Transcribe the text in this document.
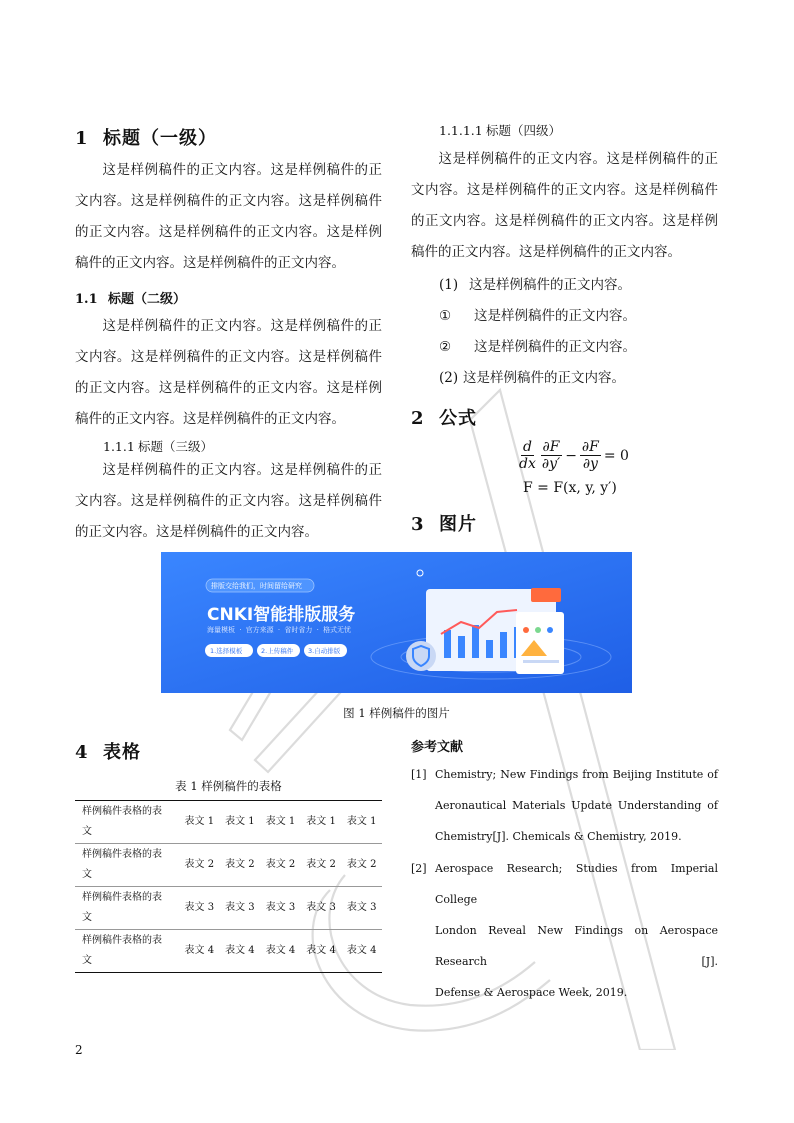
1 标题（一级）
这是样例稿件的正文内容。这是样例稿件的正
文内容。这是样例稿件的正文内容。这是样例稿件
的正文内容。这是样例稿件的正文内容。这是样例
稿件的正文内容。这是样例稿件的正文内容。
1.1 标题（二级）
这是样例稿件的正文内容。这是样例稿件的正
文内容。这是样例稿件的正文内容。这是样例稿件
的正文内容。这是样例稿件的正文内容。这是样例
稿件的正文内容。这是样例稿件的正文内容。
1.1.1 标题（三级）
这是样例稿件的正文内容。这是样例稿件的正
文内容。这是样例稿件的正文内容。这是样例稿件
的正文内容。这是样例稿件的正文内容。
1.1.1.1 标题（四级）
这是样例稿件的正文内容。这是样例稿件的正
文内容。这是样例稿件的正文内容。这是样例稿件
的正文内容。这是样例稿件的正文内容。这是样例
稿件的正文内容。这是样例稿件的正文内容。
(1) 这是样例稿件的正文内容。
① 这是样例稿件的正文内容。
② 这是样例稿件的正文内容。
(2) 这是样例稿件的正文内容。
2 公式
$\frac{d}{dx} \frac{\partial F}{\partial y'} - \frac{\partial F}{\partial y} = 0$
F = F(x, y, y′)
3 图片
排版交给我们，时间留给研究
CNKI智能排版服务
海量模板 · 官方来源 · 省时省力 · 格式无忧
1.选择模板	2.上传稿件 3.自动排版
图 1 样例稿件的图片
4 表格
表 1 样例稿件的表格
样例稿件表格的表
文	表文 1	表文 1	表文 1	表文 1	表文 1
样例稿件表格的表
文	表文 2	表文 2	表文 2	表文 2	表文 2
样例稿件表格的表
文	表文 3	表文 3	表文 3	表文 3	表文 3
样例稿件表格的表
文	表文 4	表文 4	表文 4	表文 4	表文 4
参考文献
[1] Chemistry; New Findings from Beijing Institute of
Aeronautical Materials Update Understanding of
Chemistry[J]. Chemicals & Chemistry, 2019.
[2] Aerospace Research; Studies from Imperial College
London Reveal New Findings on Aerospace Research [J].
Defense & Aerospace Week, 2019.
2
